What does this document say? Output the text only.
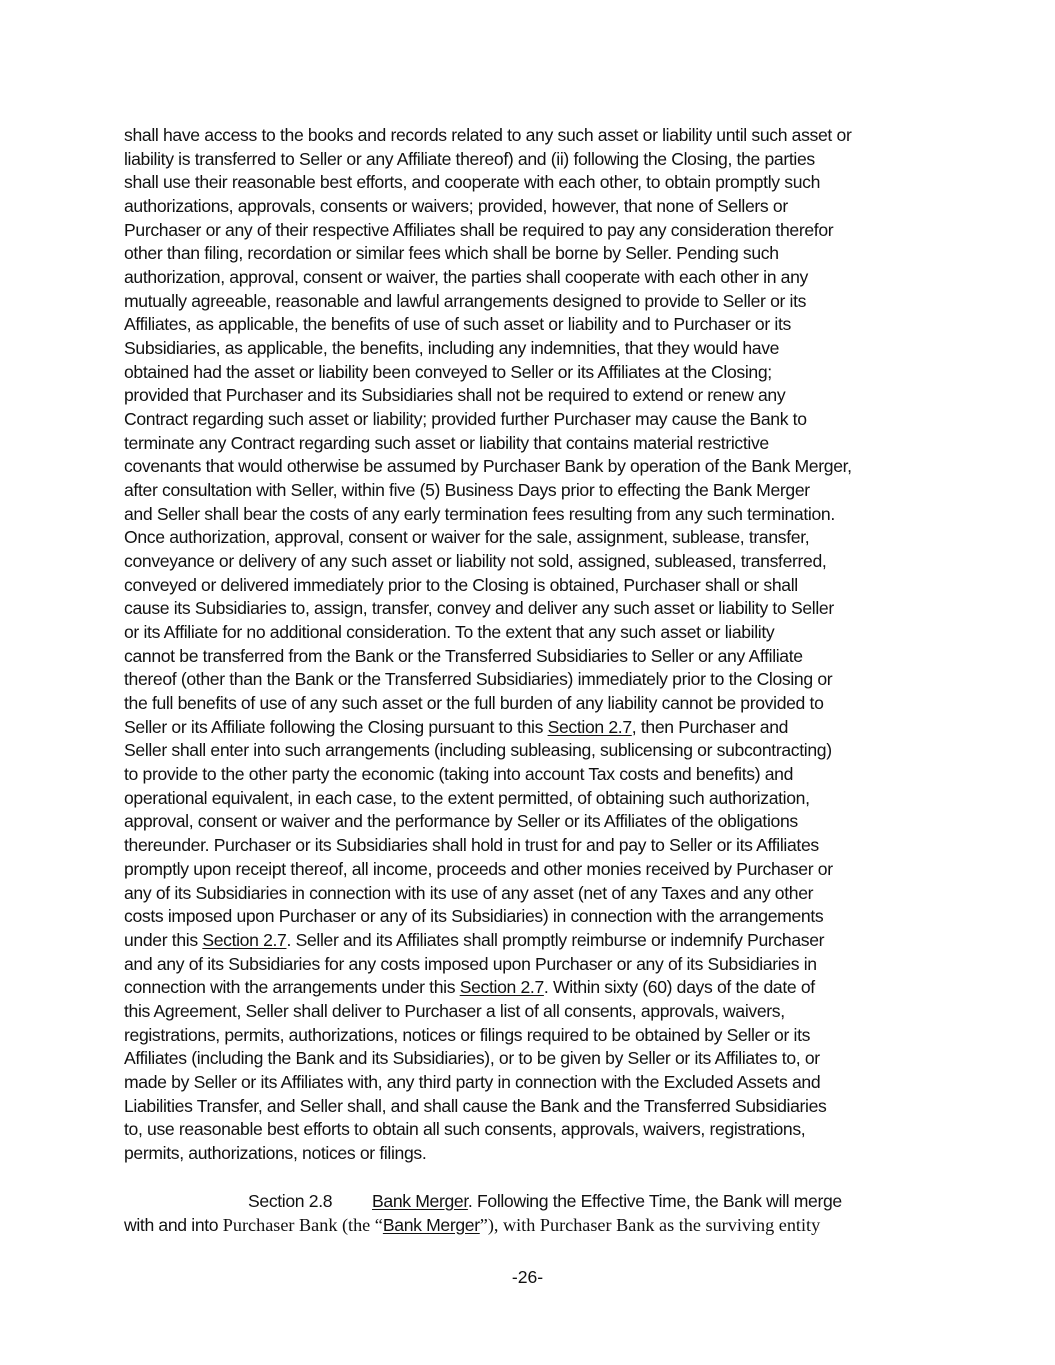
shall have access to the books and records related to any such asset or liability until such asset or
liability is transferred to Seller or any Affiliate thereof) and (ii) following the Closing, the parties
shall use their reasonable best efforts, and cooperate with each other, to obtain promptly such
authorizations, approvals, consents or waivers; provided, however, that none of Sellers or
Purchaser or any of their respective Affiliates shall be required to pay any consideration therefor
other than filing, recordation or similar fees which shall be borne by Seller. Pending such
authorization, approval, consent or waiver, the parties shall cooperate with each other in any
mutually agreeable, reasonable and lawful arrangements designed to provide to Seller or its
Affiliates, as applicable, the benefits of use of such asset or liability and to Purchaser or its
Subsidiaries, as applicable, the benefits, including any indemnities, that they would have
obtained had the asset or liability been conveyed to Seller or its Affiliates at the Closing;
provided that Purchaser and its Subsidiaries shall not be required to extend or renew any
Contract regarding such asset or liability; provided further Purchaser may cause the Bank to
terminate any Contract regarding such asset or liability that contains material restrictive
covenants that would otherwise be assumed by Purchaser Bank by operation of the Bank Merger,
after consultation with Seller, within five (5) Business Days prior to effecting the Bank Merger
and Seller shall bear the costs of any early termination fees resulting from any such termination.
Once authorization, approval, consent or waiver for the sale, assignment, sublease, transfer,
conveyance or delivery of any such asset or liability not sold, assigned, subleased, transferred,
conveyed or delivered immediately prior to the Closing is obtained, Purchaser shall or shall
cause its Subsidiaries to, assign, transfer, convey and deliver any such asset or liability to Seller
or its Affiliate for no additional consideration. To the extent that any such asset or liability
cannot be transferred from the Bank or the Transferred Subsidiaries to Seller or any Affiliate
thereof (other than the Bank or the Transferred Subsidiaries) immediately prior to the Closing or
the full benefits of use of any such asset or the full burden of any liability cannot be provided to
Seller or its Affiliate following the Closing pursuant to this Section 2.7, then Purchaser and
Seller shall enter into such arrangements (including subleasing, sublicensing or subcontracting)
to provide to the other party the economic (taking into account Tax costs and benefits) and
operational equivalent, in each case, to the extent permitted, of obtaining such authorization,
approval, consent or waiver and the performance by Seller or its Affiliates of the obligations
thereunder. Purchaser or its Subsidiaries shall hold in trust for and pay to Seller or its Affiliates
promptly upon receipt thereof, all income, proceeds and other monies received by Purchaser or
any of its Subsidiaries in connection with its use of any asset (net of any Taxes and any other
costs imposed upon Purchaser or any of its Subsidiaries) in connection with the arrangements
under this Section 2.7. Seller and its Affiliates shall promptly reimburse or indemnify Purchaser
and any of its Subsidiaries for any costs imposed upon Purchaser or any of its Subsidiaries in
connection with the arrangements under this Section 2.7. Within sixty (60) days of the date of
this Agreement, Seller shall deliver to Purchaser a list of all consents, approvals, waivers,
registrations, permits, authorizations, notices or filings required to be obtained by Seller or its
Affiliates (including the Bank and its Subsidiaries), or to be given by Seller or its Affiliates to, or
made by Seller or its Affiliates with, any third party in connection with the Excluded Assets and
Liabilities Transfer, and Seller shall, and shall cause the Bank and the Transferred Subsidiaries
to, use reasonable best efforts to obtain all such consents, approvals, waivers, registrations,
permits, authorizations, notices or filings.
Section 2.8 Bank Merger. Following the Effective Time, the Bank will merge
with and into Purchaser Bank (the “Bank Merger”), with Purchaser Bank as the surviving entity
-26-
